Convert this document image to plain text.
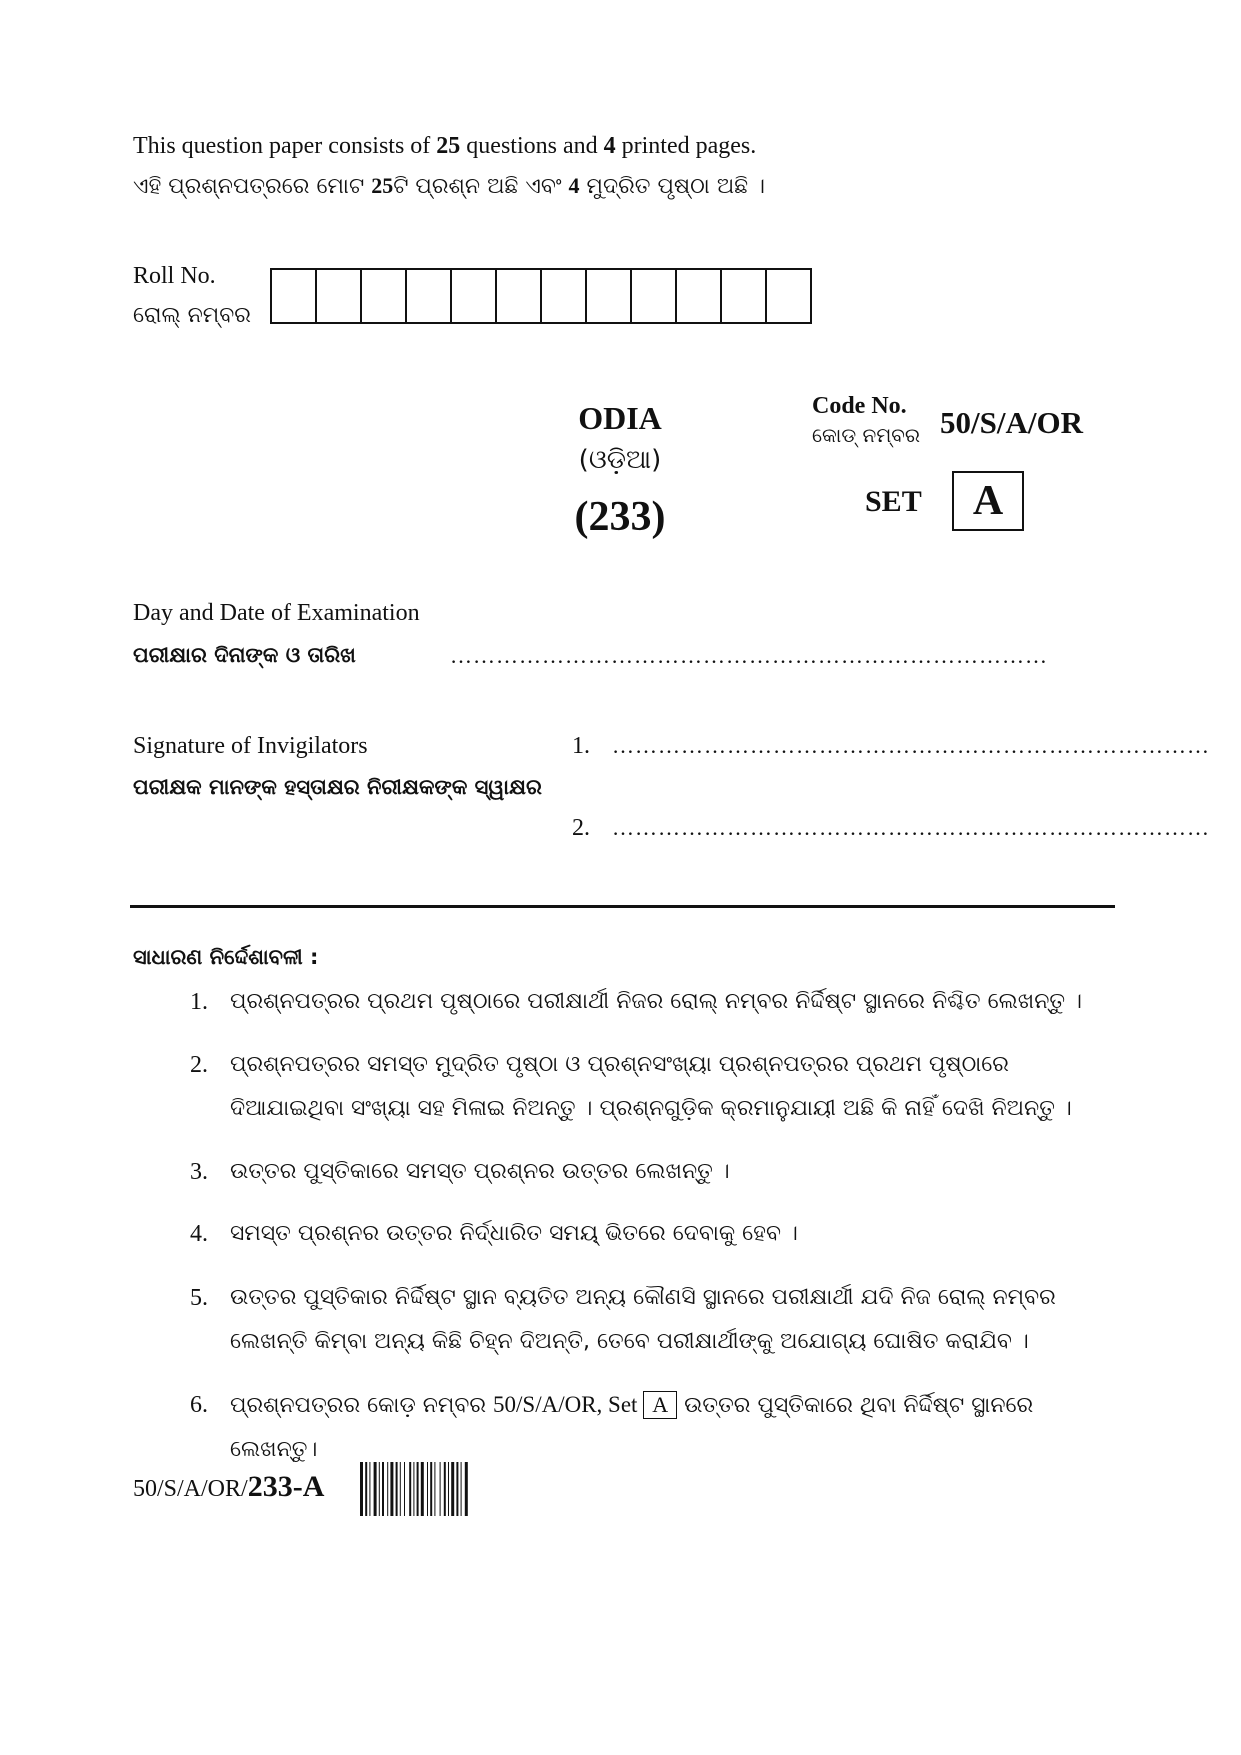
This question paper consists of 25 questions and 4 printed pages.
ଏହି ପ୍ରଶ୍ନପତ୍ରରେ ମୋଟ 25ଟି ପ୍ରଶ୍ନ ଅଛି ଏବଂ 4 ମୁଦ୍ରିତ ପୃଷ୍ଠା ଅଛି ।
Roll No.
ରୋଲ୍ ନମ୍ବର
ODIA
(ଓଡ଼ିଆ)
(233)
Code No.
କୋଡ୍ ନମ୍ବର 50/S/A/OR
SET	A
Day and Date of Examination
ପରୀକ୍ଷାର ଦିନାଙ୍କ ଓ ତାରିଖ	……………………………………………………………………
Signature of Invigilators
ପରୀକ୍ଷକ ମାନଙ୍କ ହସ୍ତାକ୍ଷର ନିରୀକ୍ଷକଙ୍କ ସ୍ୱାକ୍ଷର
1. ……………………………………………………………………
2. ……………………………………………………………………
ସାଧାରଣ ନିର୍ଦ୍ଦେଶାବଳୀ :
1. ପ୍ରଶ୍ନପତ୍ରର ପ୍ରଥମ ପୃଷ୍ଠାରେ ପରୀକ୍ଷାର୍ଥୀ ନିଜର ରୋଲ୍ ନମ୍ବର ନିର୍ଦ୍ଦିଷ୍ଟ ସ୍ଥାନରେ ନିଶ୍ଚିତ ଲେଖନ୍ତୁ ।
2. ପ୍ରଶ୍ନପତ୍ରର ସମସ୍ତ ମୁଦ୍ରିତ ପୃଷ୍ଠା ଓ ପ୍ରଶ୍ନସଂଖ୍ୟା ପ୍ରଶ୍ନପତ୍ରର ପ୍ରଥମ ପୃଷ୍ଠାରେ ଦିଆଯାଇଥିବା ସଂଖ୍ୟା ସହ ମିଳାଇ ନିଅନ୍ତୁ । ପ୍ରଶ୍ନଗୁଡ଼ିକ କ୍ରମାନୁଯାୟୀ ଅଛି କି ନାହିଁ ଦେଖି ନିଅନ୍ତୁ ।
3. ଉତ୍ତର ପୁସ୍ତିକାରେ ସମସ୍ତ ପ୍ରଶ୍ନର ଉତ୍ତର ଲେଖନ୍ତୁ ।
4. ସମସ୍ତ ପ୍ରଶ୍ନର ଉତ୍ତର ନିର୍ଦ୍ଧାରିତ ସମୟ୍ ଭିତରେ ଦେବାକୁ ହେବ ।
5. ଉତ୍ତର ପୁସ୍ତିକାର ନିର୍ଦ୍ଦିଷ୍ଟ ସ୍ଥାନ ବ୍ୟତିତ ଅନ୍ୟ କୌଣସି ସ୍ଥାନରେ ପରୀକ୍ଷାର୍ଥୀ ଯଦି ନିଜ ରୋଲ୍ ନମ୍ବର ଲେଖନ୍ତି କିମ୍ବା ଅନ୍ୟ କିଛି ଚିହ୍ନ ଦିଅନ୍ତି, ତେବେ ପରୀକ୍ଷାର୍ଥୀଙ୍କୁ ଅଯୋଗ୍ୟ ଘୋଷିତ କରାଯିବ ।
6. ପ୍ରଶ୍ନପତ୍ରର କୋଡ଼ ନମ୍ବର 50/S/A/OR, Set A ଉତ୍ତର ପୁସ୍ତିକାରେ ଥିବା ନିର୍ଦ୍ଦିଷ୍ଟ ସ୍ଥାନରେ ଲେଖନ୍ତୁ।
50/S/A/OR/233-A
